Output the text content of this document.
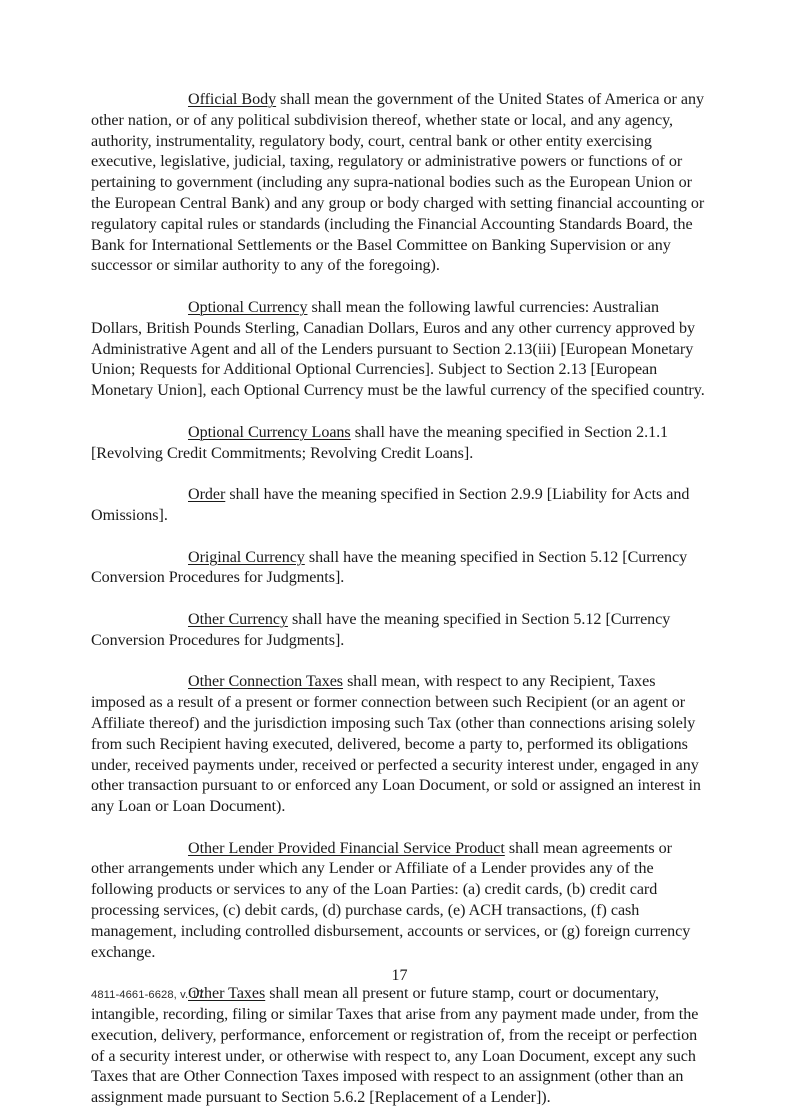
Official Body shall mean the government of the United States of America or any other nation, or of any political subdivision thereof, whether state or local, and any agency, authority, instrumentality, regulatory body, court, central bank or other entity exercising executive, legislative, judicial, taxing, regulatory or administrative powers or functions of or pertaining to government (including any supra-national bodies such as the European Union or the European Central Bank) and any group or body charged with setting financial accounting or regulatory capital rules or standards (including the Financial Accounting Standards Board, the Bank for International Settlements or the Basel Committee on Banking Supervision or any successor or similar authority to any of the foregoing).

Optional Currency shall mean the following lawful currencies: Australian Dollars, British Pounds Sterling, Canadian Dollars, Euros and any other currency approved by Administrative Agent and all of the Lenders pursuant to Section 2.13(iii) [European Monetary Union; Requests for Additional Optional Currencies]. Subject to Section 2.13 [European Monetary Union], each Optional Currency must be the lawful currency of the specified country.

Optional Currency Loans shall have the meaning specified in Section 2.1.1 [Revolving Credit Commitments; Revolving Credit Loans].

Order shall have the meaning specified in Section 2.9.9 [Liability for Acts and Omissions].

Original Currency shall have the meaning specified in Section 5.12 [Currency Conversion Procedures for Judgments].

Other Currency shall have the meaning specified in Section 5.12 [Currency Conversion Procedures for Judgments].

Other Connection Taxes shall mean, with respect to any Recipient, Taxes imposed as a result of a present or former connection between such Recipient (or an agent or Affiliate thereof) and the jurisdiction imposing such Tax (other than connections arising solely from such Recipient having executed, delivered, become a party to, performed its obligations under, received payments under, received or perfected a security interest under, engaged in any other transaction pursuant to or enforced any Loan Document, or sold or assigned an interest in any Loan or Loan Document).

Other Lender Provided Financial Service Product shall mean agreements or other arrangements under which any Lender or Affiliate of a Lender provides any of the following products or services to any of the Loan Parties: (a) credit cards, (b) credit card processing services, (c) debit cards, (d) purchase cards, (e) ACH transactions, (f) cash management, including controlled disbursement, accounts or services, or (g) foreign currency exchange.

Other Taxes shall mean all present or future stamp, court or documentary, intangible, recording, filing or similar Taxes that arise from any payment made under, from the execution, delivery, performance, enforcement or registration of, from the receipt or perfection of a security interest under, or otherwise with respect to, any Loan Document, except any such Taxes that are Other Connection Taxes imposed with respect to an assignment (other than an assignment made pursuant to Section 5.6.2 [Replacement of a Lender]).

17
4811-4661-6628, v. 17
